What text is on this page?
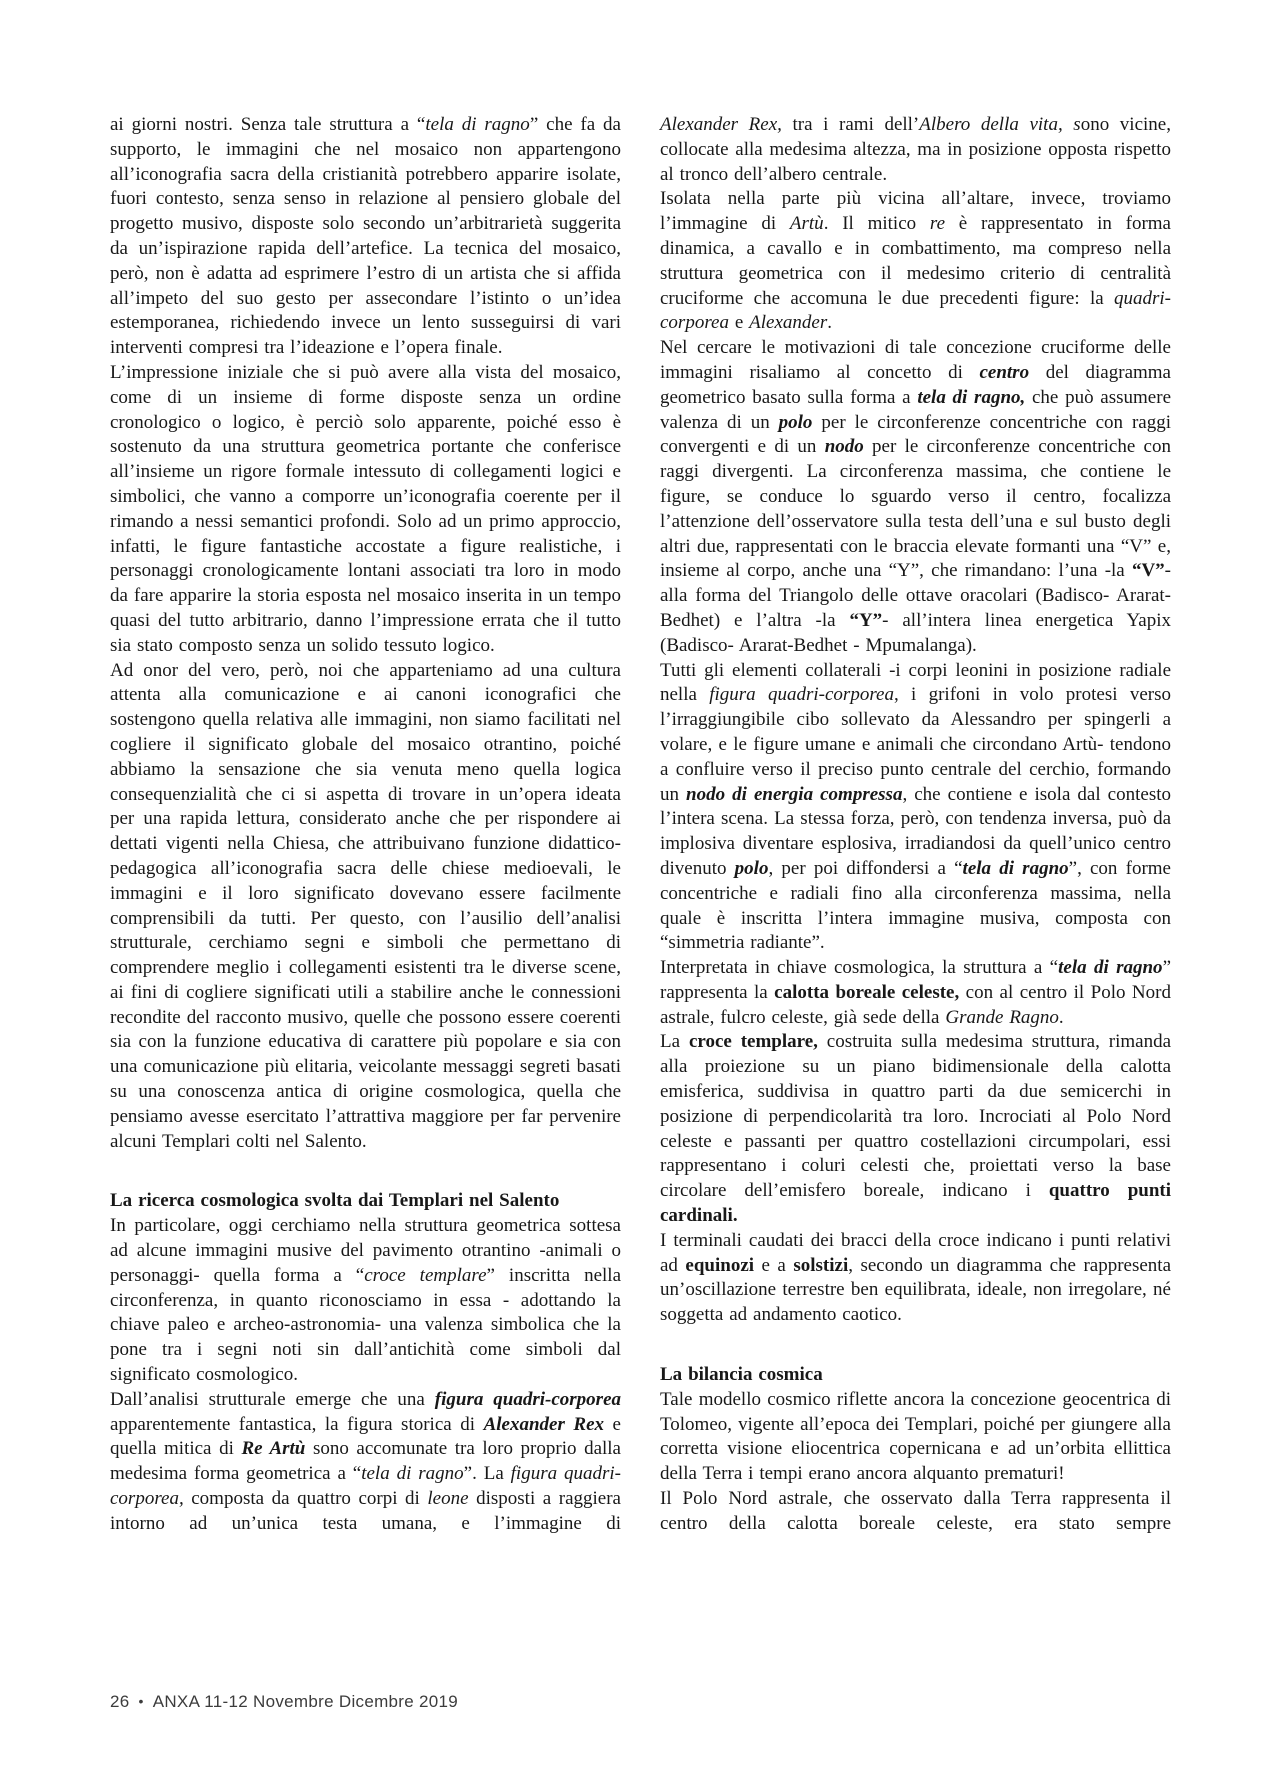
ai giorni nostri. Senza tale struttura a “tela di ragno” che fa da supporto, le immagini che nel mosaico non appartengono all’iconografia sacra della cristianità potrebbero apparire isolate, fuori contesto, senza senso in relazione al pensiero globale del progetto musivo, disposte solo secondo un’arbitrarietà suggerita da un’ispirazione rapida dell’artefice. La tecnica del mosaico, però, non è adatta ad esprimere l’estro di un artista che si affida all’impeto del suo gesto per assecondare l’istinto o un’idea estemporanea, richiedendo invece un lento susseguirsi di vari interventi compresi tra l’ideazione e l’opera finale.

L’impressione iniziale che si può avere alla vista del mosaico, come di un insieme di forme disposte senza un ordine cronologico o logico, è perciò solo apparente, poiché esso è sostenuto da una struttura geometrica portante che conferisce all’insieme un rigore formale intessuto di collegamenti logici e simbolici, che vanno a comporre un’iconografia coerente per il rimando a nessi semantici profondi. Solo ad un primo approccio, infatti, le figure fantastiche accostate a figure realistiche, i personaggi cronologicamente lontani associati tra loro in modo da fare apparire la storia esposta nel mosaico inserita in un tempo quasi del tutto arbitrario, danno l’impressione errata che il tutto sia stato composto senza un solido tessuto logico.

Ad onor del vero, però, noi che apparteniamo ad una cultura attenta alla comunicazione e ai canoni iconografici che sostengono quella relativa alle immagini, non siamo facilitati nel cogliere il significato globale del mosaico otrantino, poiché abbiamo la sensazione che sia venuta meno quella logica consequenzialità che ci si aspetta di trovare in un’opera ideata per una rapida lettura, considerato anche che per rispondere ai dettati vigenti nella Chiesa, che attribuivano funzione didattico-pedagogica all’iconografia sacra delle chiese medioevali, le immagini e il loro significato dovevano essere facilmente comprensibili da tutti. Per questo, con l’ausilio dell’analisi strutturale, cerchiamo segni e simboli che permettano di comprendere meglio i collegamenti esistenti tra le diverse scene, ai fini di cogliere significati utili a stabilire anche le connessioni recondite del racconto musivo, quelle che possono essere coerenti sia con la funzione educativa di carattere più popolare e sia con una comunicazione più elitaria, veicolante messaggi segreti basati su una conoscenza antica di origine cosmologica, quella che pensiamo avesse esercitato l’attrattiva maggiore per far pervenire alcuni Templari colti nel Salento.

La ricerca cosmologica svolta dai Templari nel Salento

In particolare, oggi cerchiamo nella struttura geometrica sottesa ad alcune immagini musive del pavimento otrantino -animali o personaggi- quella forma a “croce templare” inscritta nella circonferenza, in quanto riconosciamo in essa - adottando la chiave paleo e archeo-astronomia- una valenza simbolica che la pone tra i segni noti sin dall’antichità come simboli dal significato cosmologico.

Dall’analisi strutturale emerge che una figura quadri-corporea apparentemente fantastica, la figura storica di Alexander Rex e quella mitica di Re Artù sono accomunate tra loro proprio dalla medesima forma geometrica a “tela di ragno”. La figura quadri-corporea, composta da quattro corpi di leone disposti a raggiera intorno ad un’unica testa umana, e l’immagine di

Alexander Rex, tra i rami dell’Albero della vita, sono vicine, collocate alla medesima altezza, ma in posizione opposta rispetto al tronco dell’albero centrale.

Isolata nella parte più vicina all’altare, invece, troviamo l’immagine di Artù. Il mitico re è rappresentato in forma dinamica, a cavallo e in combattimento, ma compreso nella struttura geometrica con il medesimo criterio di centralità cruciforme che accomuna le due precedenti figure: la quadri-corporea e Alexander.

Nel cercare le motivazioni di tale concezione cruciforme delle immagini risaliamo al concetto di centro del diagramma geometrico basato sulla forma a tela di ragno, che può assumere valenza di un polo per le circonferenze concentriche con raggi convergenti e di un nodo per le circonferenze concentriche con raggi divergenti. La circonferenza massima, che contiene le figure, se conduce lo sguardo verso il centro, focalizza l’attenzione dell’osservatore sulla testa dell’una e sul busto degli altri due, rappresentati con le braccia elevate formanti una “V” e, insieme al corpo, anche una “Y”, che rimandano: l’una -la “V”- alla forma del Triangolo delle ottave oracolari (Badisco- Ararat-Bedhet) e l’altra -la “Y”- all’intera linea energetica Yapix (Badisco- Ararat-Bedhet - Mpumalanga).

Tutti gli elementi collaterali -i corpi leonini in posizione radiale nella figura quadri-corporea, i grifoni in volo protesi verso l’irraggiungibile cibo sollevato da Alessandro per spingerli a volare, e le figure umane e animali che circondano Artù- tendono a confluire verso il preciso punto centrale del cerchio, formando un nodo di energia compressa, che contiene e isola dal contesto l’intera scena. La stessa forza, però, con tendenza inversa, può da implosiva diventare esplosiva, irradiandosi da quell’unico centro divenuto polo, per poi diffondersi a “tela di ragno”, con forme concentriche e radiali fino alla circonferenza massima, nella quale è inscritta l’intera immagine musiva, composta con “simmetria radiante”.

Interpretata in chiave cosmologica, la struttura a “tela di ragno” rappresenta la calotta boreale celeste, con al centro il Polo Nord astrale, fulcro celeste, già sede della Grande Ragno.

La croce templare, costruita sulla medesima struttura, rimanda alla proiezione su un piano bidimensionale della calotta emisferica, suddivisa in quattro parti da due semicerchi in posizione di perpendicolarità tra loro. Incrociati al Polo Nord celeste e passanti per quattro costellazioni circumpolari, essi rappresentano i coluri celesti che, proiettati verso la base circolare dell’emisfero boreale, indicano i quattro punti cardinali.

I terminali caudati dei bracci della croce indicano i punti relativi ad equinozi e a solstizi, secondo un diagramma che rappresenta un’oscillazione terrestre ben equilibrata, ideale, non irregolare, né soggetta ad andamento caotico.

La bilancia cosmica

Tale modello cosmico riflette ancora la concezione geocentrica di Tolomeo, vigente all’epoca dei Templari, poiché per giungere alla corretta visione eliocentrica copernicana e ad un’orbita ellittica della Terra i tempi erano ancora alquanto prematuri!

Il Polo Nord astrale, che osservato dalla Terra rappresenta il centro della calotta boreale celeste, era stato sempre

26 • ANXA 11-12 Novembre Dicembre 2019
